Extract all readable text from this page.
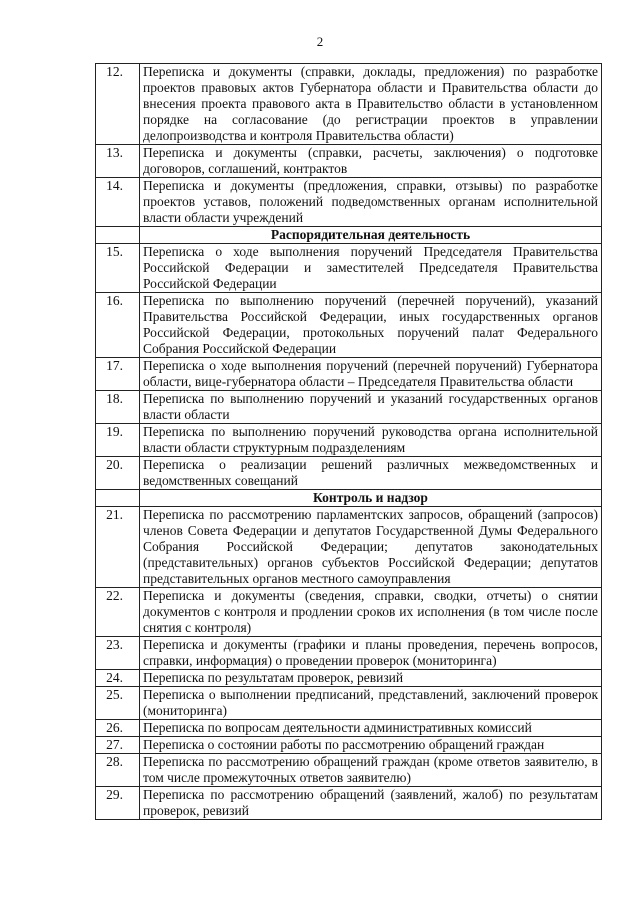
2
12.	Переписка и документы (справки, доклады, предложения) по разработке проектов правовых актов Губернатора области и Правительства области до внесения проекта правового акта в Правительство области в установленном порядке на согласование (до регистрации проектов в управлении делопроизводства и контроля Правительства области)

13.	Переписка и документы (справки, расчеты, заключения) о подготовке договоров, соглашений, контрактов

14.	Переписка и документы (предложения, справки, отзывы) по разработке проектов уставов, положений подведомственных органам исполнительной власти области учреждений
	Распорядительная деятельность

15.	Переписка о ходе выполнения поручений Председателя Правительства Российской Федерации и заместителей Председателя Правительства Российской Федерации

16.	Переписка по выполнению поручений (перечней поручений), указаний Правительства Российской Федерации, иных государственных органов Российской Федерации, протокольных поручений палат Федерального Собрания Российской Федерации

17.	Переписка о ходе выполнения поручений (перечней поручений) Губернатора области, вице-губернатора области – Председателя Правительства области

18.	Переписка по выполнению поручений и указаний государственных органов власти области

19.	Переписка по выполнению поручений руководства органа исполнительной власти области структурным подразделениям

20.	Переписка о реализации решений различных межведомственных и ведомственных совещаний
	Контроль и надзор

21.	Переписка по рассмотрению парламентских запросов, обращений (запросов) членов Совета Федерации и депутатов Государственной Думы Федерального Собрания Российской Федерации; депутатов законодательных (представительных) органов субъектов Российской Федерации; депутатов представительных органов местного самоуправления

22.	Переписка и документы (сведения, справки, сводки, отчеты) о снятии документов с контроля и продлении сроков их исполнения (в том числе после снятия с контроля)

23.	Переписка и документы (графики и планы проведения, перечень вопросов, справки, информация) о проведении проверок (мониторинга)

24.	Переписка по результатам проверок, ревизий

25.	Переписка о выполнении предписаний, представлений, заключений проверок (мониторинга)

26.	Переписка по вопросам деятельности административных комиссий

27.	Переписка о состоянии работы по рассмотрению обращений граждан

28.	Переписка по рассмотрению обращений граждан (кроме ответов заявителю, в том числе промежуточных ответов заявителю)

29.	Переписка по рассмотрению обращений (заявлений, жалоб) по результатам проверок, ревизий
